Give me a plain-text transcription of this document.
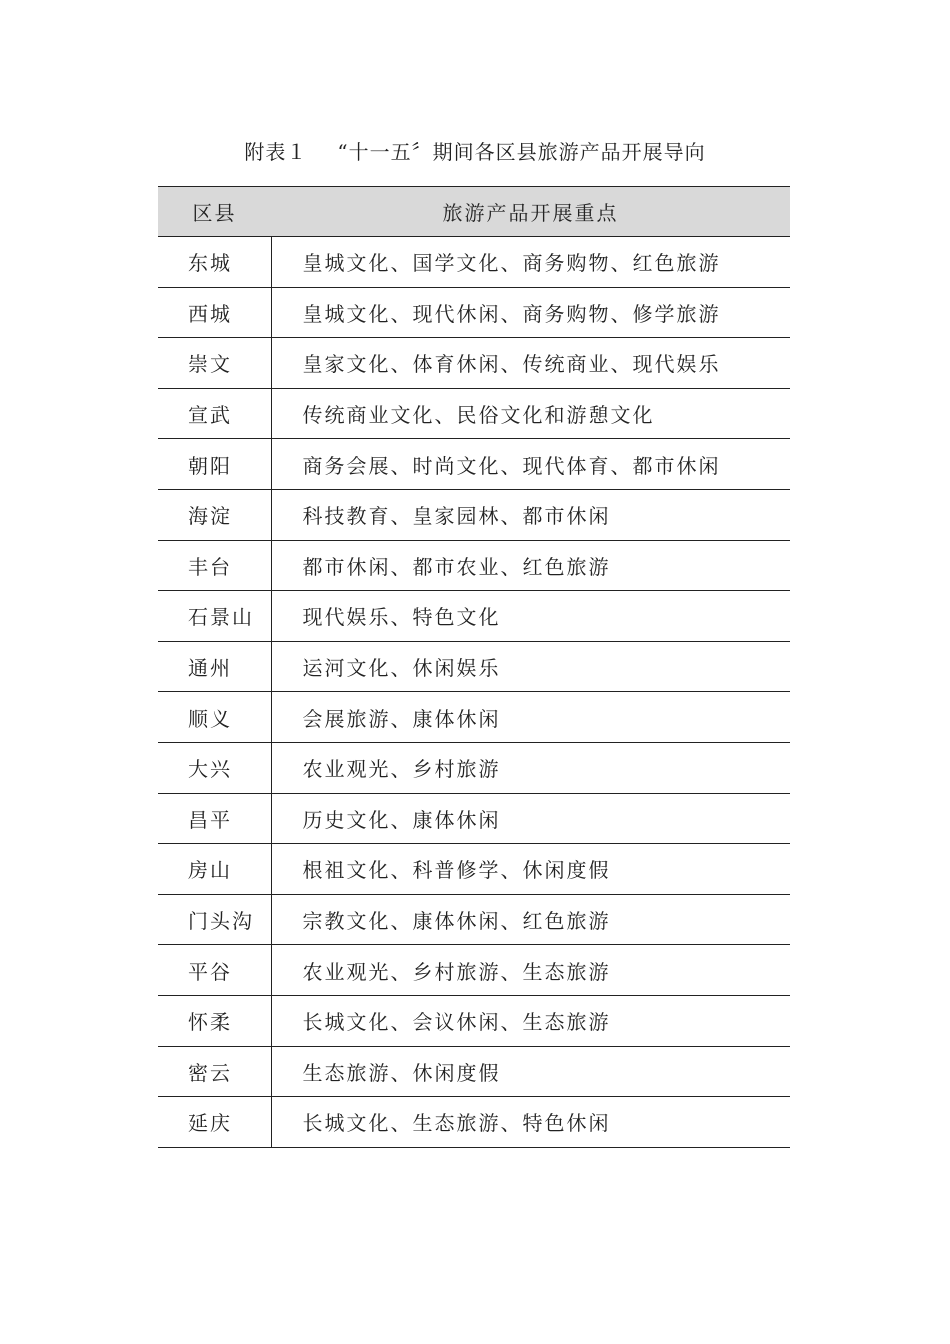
附表１ “十一五〞期间各区县旅游产品开展导向
区县	旅游产品开展重点
东城	皇城文化、国学文化、商务购物、红色旅游
西城	皇城文化、现代休闲、商务购物、修学旅游
崇文	皇家文化、体育休闲、传统商业、现代娱乐
宣武	传统商业文化、民俗文化和游憩文化
朝阳	商务会展、时尚文化、现代体育、都市休闲
海淀	科技教育、皇家园林、都市休闲
丰台	都市休闲、都市农业、红色旅游
石景山	现代娱乐、特色文化
通州	运河文化、休闲娱乐
顺义	会展旅游、康体休闲
大兴	农业观光、乡村旅游
昌平	历史文化、康体休闲
房山	根祖文化、科普修学、休闲度假
门头沟	宗教文化、康体休闲、红色旅游
平谷	农业观光、乡村旅游、生态旅游
怀柔	长城文化、会议休闲、生态旅游
密云	生态旅游、休闲度假
延庆	长城文化、生态旅游、特色休闲
